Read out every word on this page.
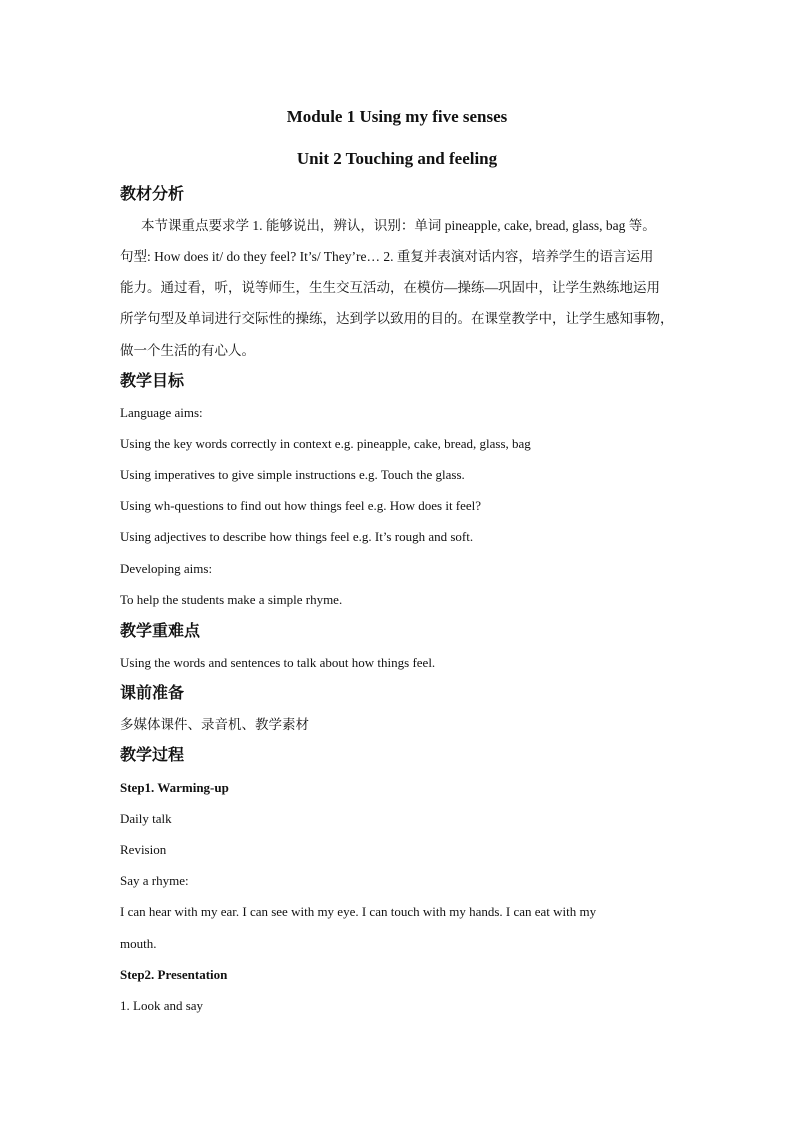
Module 1 Using my five senses
Unit 2 Touching and feeling
教材分析
本节课重点要求学 1. 能够说出，辨认，识别：单词 pineapple, cake, bread, glass, bag 等。
句型: How does it/ do they feel? It’s/ They’re… 2. 重复并表演对话内容，培养学生的语言运用
能力。通过看，听，说等师生，生生交互活动，在模仿—操练—巩固中，让学生熟练地运用
所学句型及单词进行交际性的操练，达到学以致用的目的。在课堂教学中，让学生感知事物，
做一个生活的有心人。
教学目标
Language aims:
Using the key words correctly in context e.g. pineapple, cake, bread, glass, bag
Using imperatives to give simple instructions e.g. Touch the glass.
Using wh-questions to find out how things feel e.g. How does it feel?
Using adjectives to describe how things feel e.g. It’s rough and soft.
Developing aims:
To help the students make a simple rhyme.
教学重难点
Using the words and sentences to talk about how things feel.
课前准备
多媒体课件、录音机、教学素材
教学过程
Step1. Warming-up
Daily talk
Revision
Say a rhyme:
I can hear with my ear. I can see with my eye. I can touch with my hands. I can eat with my
mouth.
Step2. Presentation
1. Look and say
